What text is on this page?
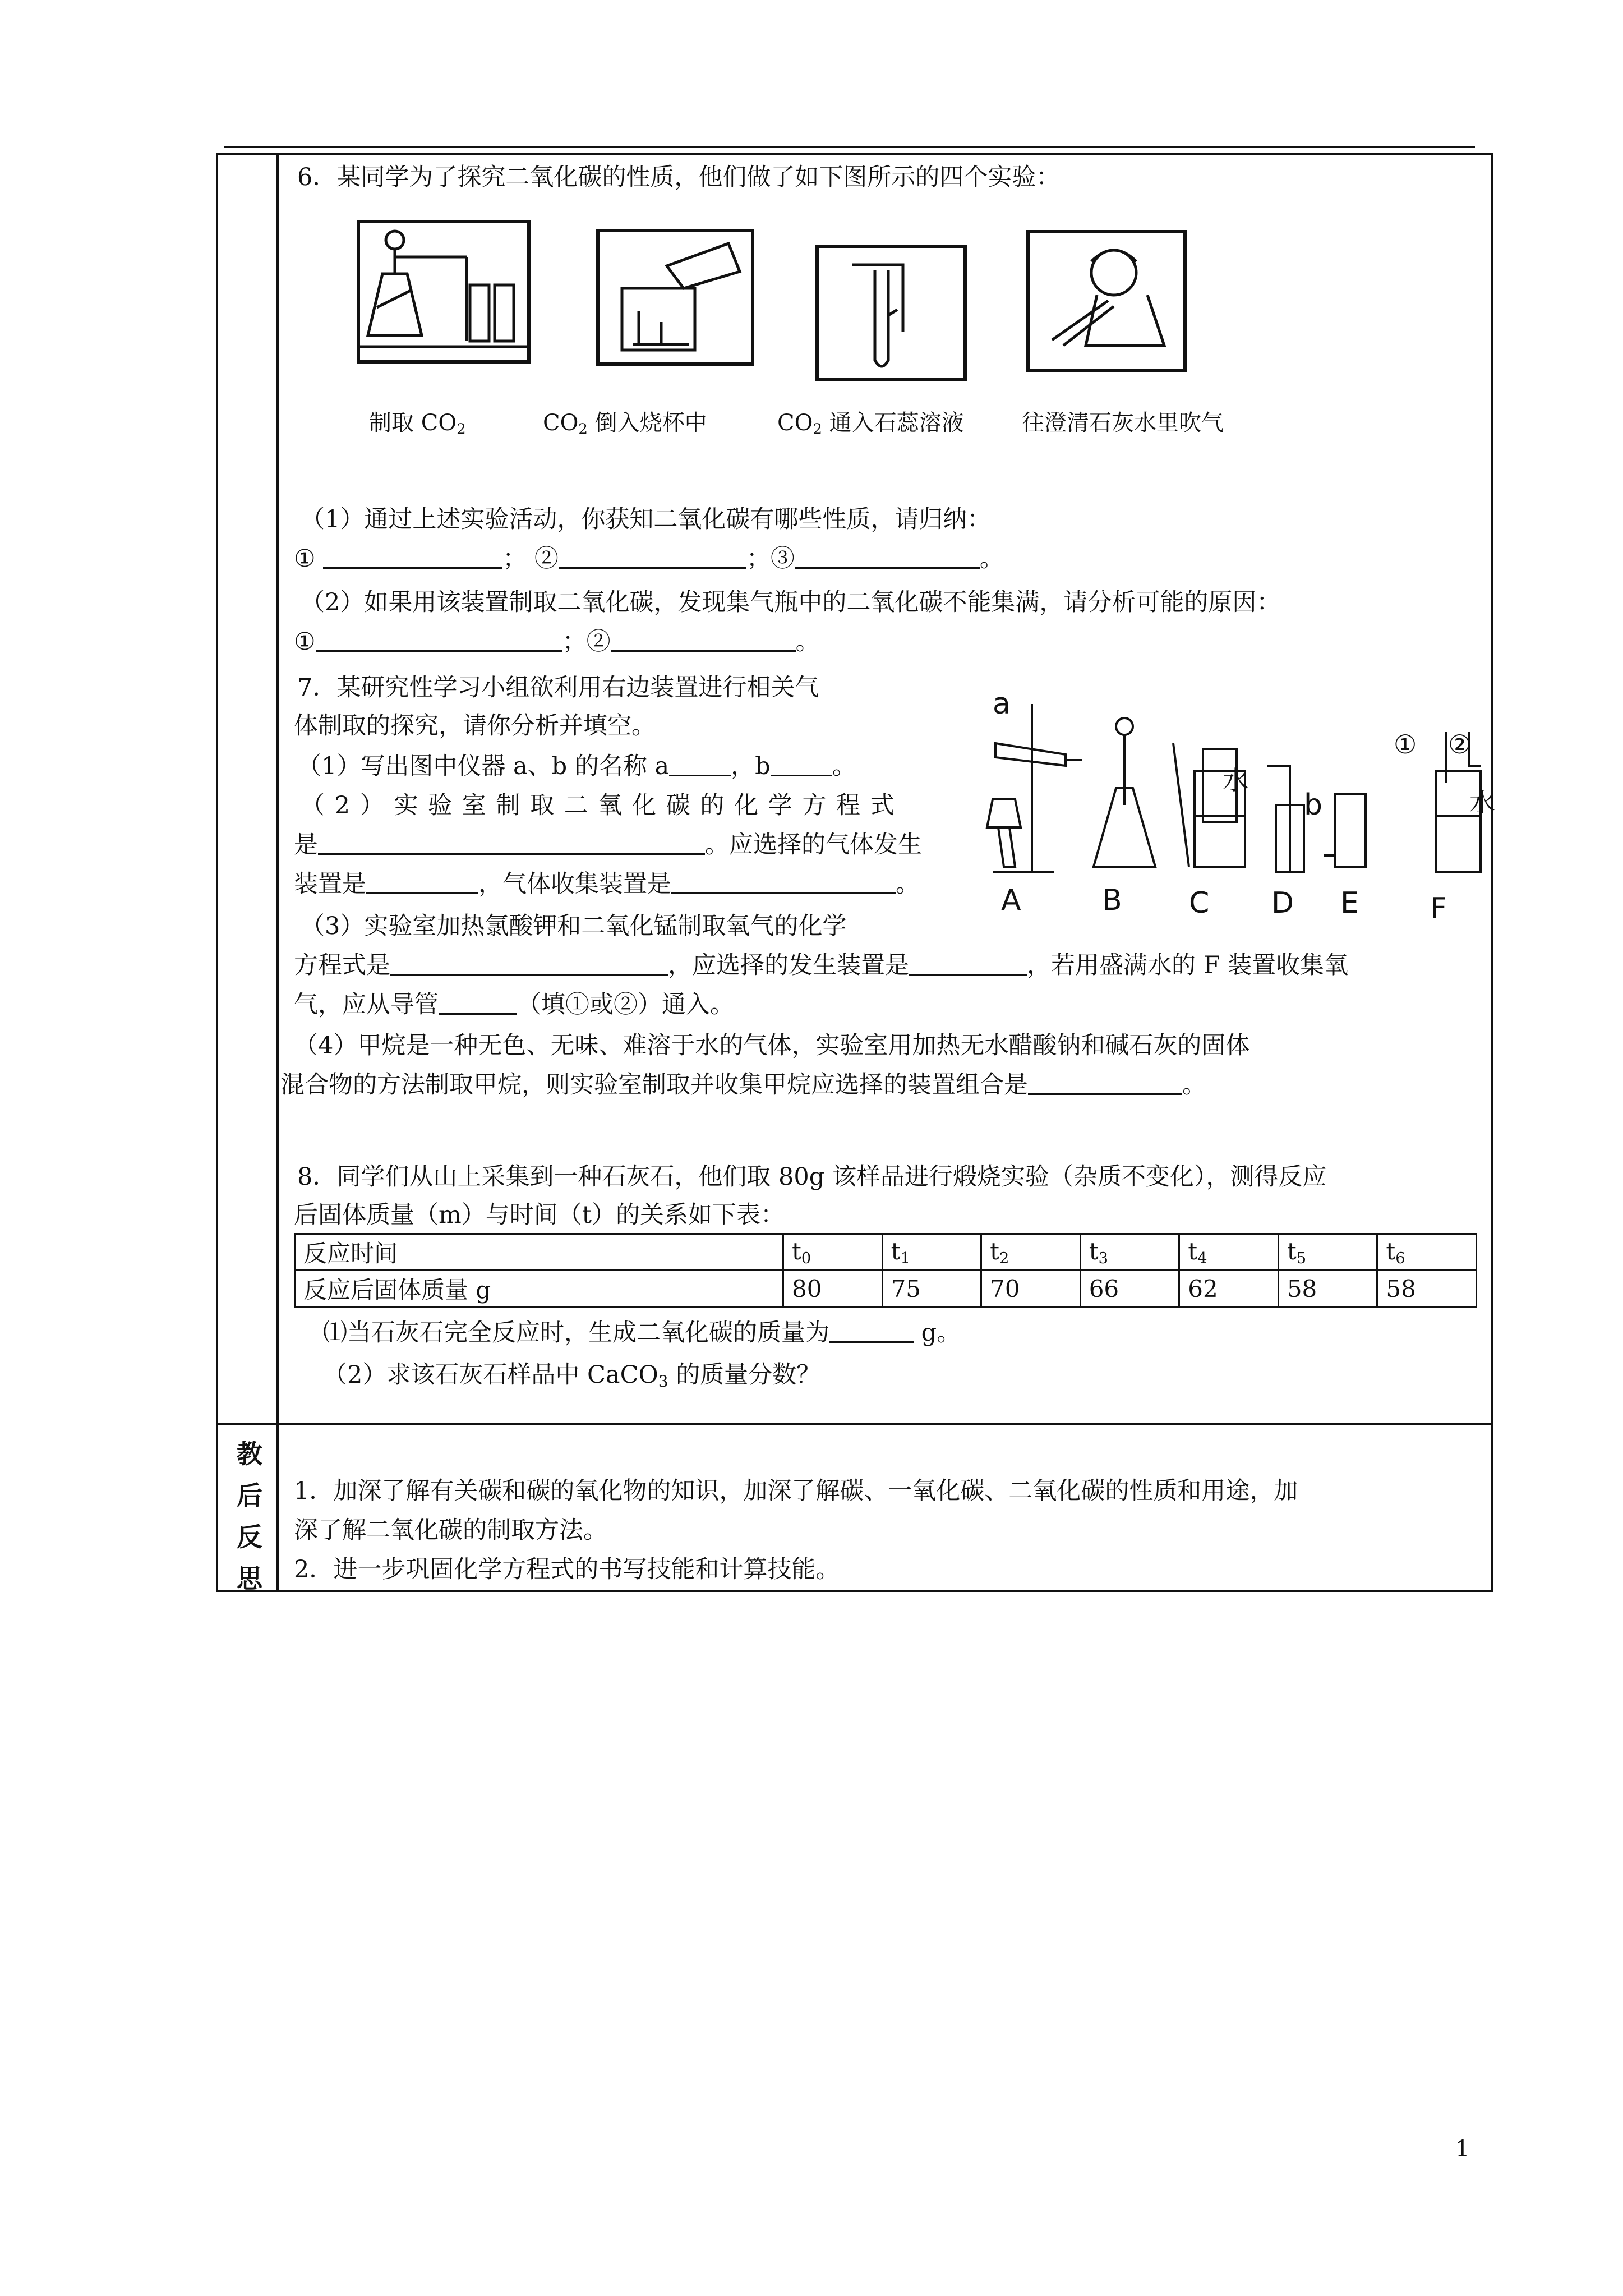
6．某同学为了探究二氧化碳的性质，他们做了如下图所示的四个实验：
制取 $CO_2$	$CO_2$ 倒入烧杯中	$CO_2$ 通入石蕊溶液	往澄清石灰水里吹气
（1）通过上述实验活动，你获知二氧化碳有哪些性质，请归纳：
①	； ②	；③	。
（2）如果用该装置制取二氧化碳，发现集气瓶中的二氧化碳不能集满，请分析可能的原因：
①	；②	。
7．某研究性学习小组欲利用右边装置进行相关气
体制取的探究，请你分析并填空。
（1）写出图中仪器 a、b 的名称 a	，b	。
（ 2 ） 实 验 室 制 取 二 氧 化 碳 的 化 学 方 程 式
是	。应选择的气体发生
装置是	，气体收集装置是	。
（3）实验室加热氯酸钾和二氧化锰制取氧气的化学
方程式是	，应选择的发生装置是	，若用盛满水的 F 装置收集氧
气，应从导管	（填①或②）通入。
（4）甲烷是一种无色、无味、难溶于水的气体，实验室用加热无水醋酸钠和碱石灰的固体
混合物的方法制取甲烷，则实验室制取并收集甲烷应选择的装置组合是	。
a
水
b
① ②
水
A	B C D E F
8．同学们从山上采集到一种石灰石，他们取 80g 该样品进行煅烧实验（杂质不变化），测得反应
后固体质量（m）与时间（t）的关系如下表：
反应时间	$t_0$	$t_1$	$t_2$	$t_3$	$t_4$	$t_5$	$t_6$
反应后固体质量 g	80	75	70	66	62	58	58
⑴当石灰石完全反应时，生成二氧化碳的质量为	g。
（2）求该石灰石样品中 CaCO$_3$ 的质量分数？
教
后
反
思
1．加深了解有关碳和碳的氧化物的知识，加深了解碳、一氧化碳、二氧化碳的性质和用途，加
深了解二氧化碳的制取方法。
2．进一步巩固化学方程式的书写技能和计算技能。
1
